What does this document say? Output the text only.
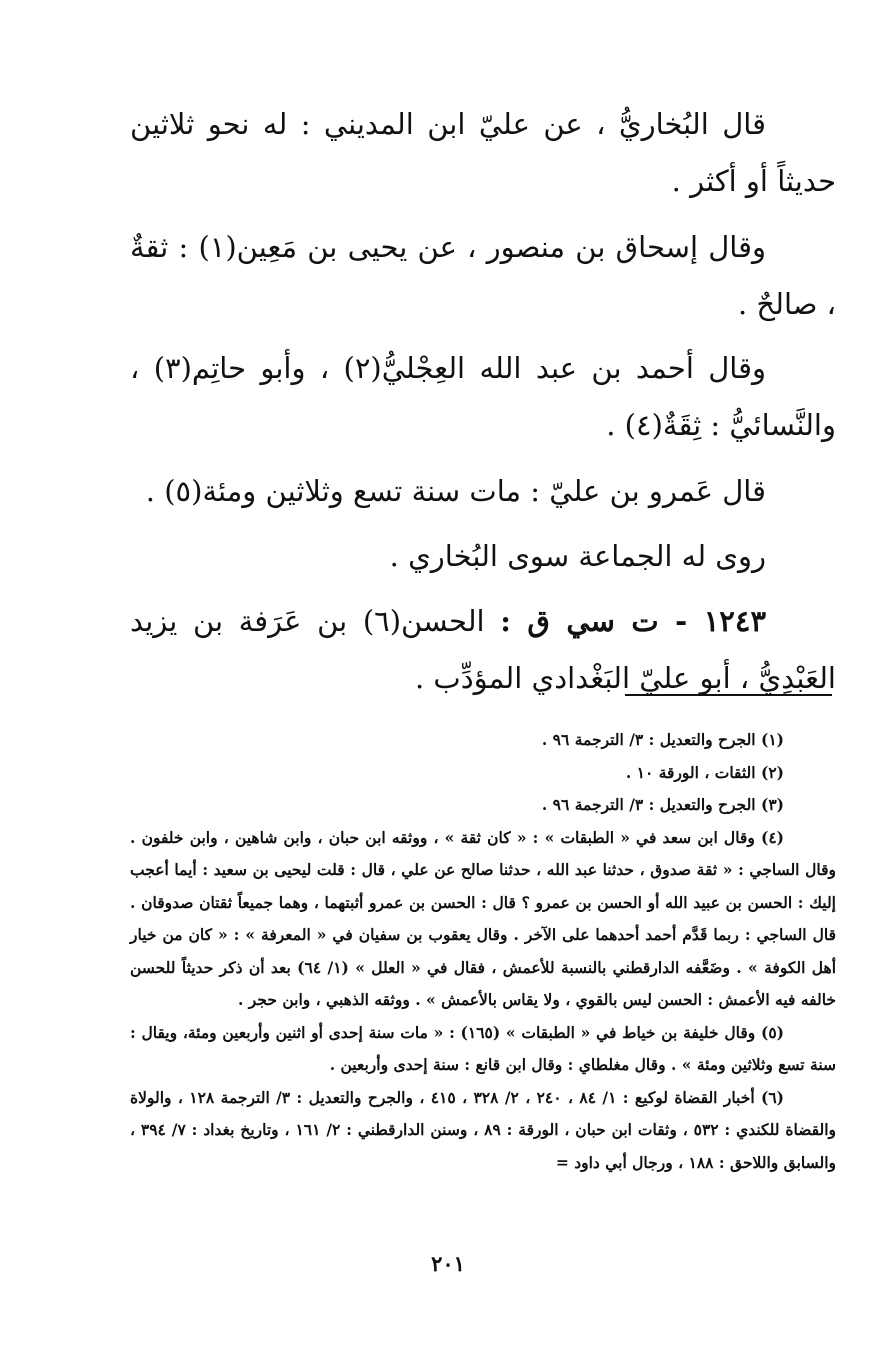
قال البُخاريُّ ، عن عليّ ابن المديني : له نحو ثلاثين حديثاً أو أكثر .

وقال إسحاق بن منصور ، عن يحيى بن مَعِين(١) : ثقةٌ ، صالحٌ .

وقال أحمد بن عبد الله العِجْليُّ(٢) ، وأبو حاتِم(٣) ، والنَّسائيُّ : ثِقَةٌ(٤) .

قال عَمرو بن عليّ : مات سنة تسع وثلاثين ومئة(٥) .

روى له الجماعة سوى البُخاري .

١٢٤٣ - ت سي ق : الحسن(٦) بن عَرَفة بن يزيد العَبْدِيُّ ، أبو عليّ البَغْدادي المؤدِّب .

(١) الجرح والتعديل : ٣/ الترجمة ٩٦ .

(٢) الثقات ، الورقة ١٠ .

(٣) الجرح والتعديل : ٣/ الترجمة ٩٦ .

(٤) وقال ابن سعد في « الطبقات » : « كان ثقة » ، ووثقه ابن حبان ، وابن شاهين ، وابن خلفون . وقال الساجي : « ثقة صدوق ، حدثنا عبد الله ، حدثنا صالح عن علي ، قال : قلت ليحيى بن سعيد : أيما أعجب إليك : الحسن بن عبيد الله أو الحسن بن عمرو ؟ قال : الحسن بن عمرو أثبتهما ، وهما جميعاً ثقتان صدوقان . قال الساجي : ربما قَدَّم أحمد أحدهما على الآخر . وقال يعقوب بن سفيان في « المعرفة » : « كان من خيار أهل الكوفة » . وضَعَّفه الدارقطني بالنسبة للأعمش ، فقال في « العلل » (١/ ٦٤) بعد أن ذكر حديثاً للحسن خالفه فيه الأعمش : الحسن ليس بالقوي ، ولا يقاس بالأعمش » . ووثقه الذهبي ، وابن حجر .

(٥) وقال خليفة بن خياط في « الطبقات » (١٦٥) : « مات سنة إحدى أو اثنين وأربعين ومئة، ويقال : سنة تسع وثلاثين ومئة » . وقال مغلطاي : وقال ابن قانع : سنة إحدى وأربعين .

(٦) أخبار القضاة لوكيع : ١/ ٨٤ ، ٢٤٠ ، ٢/ ٣٢٨ ، ٤١٥ ، والجرح والتعديل : ٣/ الترجمة ١٢٨ ، والولاة والقضاة للكندي : ٥٣٢ ، وثقات ابن حبان ، الورقة : ٨٩ ، وسنن الدارقطني : ٢/ ١٦١ ، وتاريخ بغداد : ٧/ ٣٩٤ ، والسابق واللاحق : ١٨٨ ، ورجال أبي داود =

٢٠١
